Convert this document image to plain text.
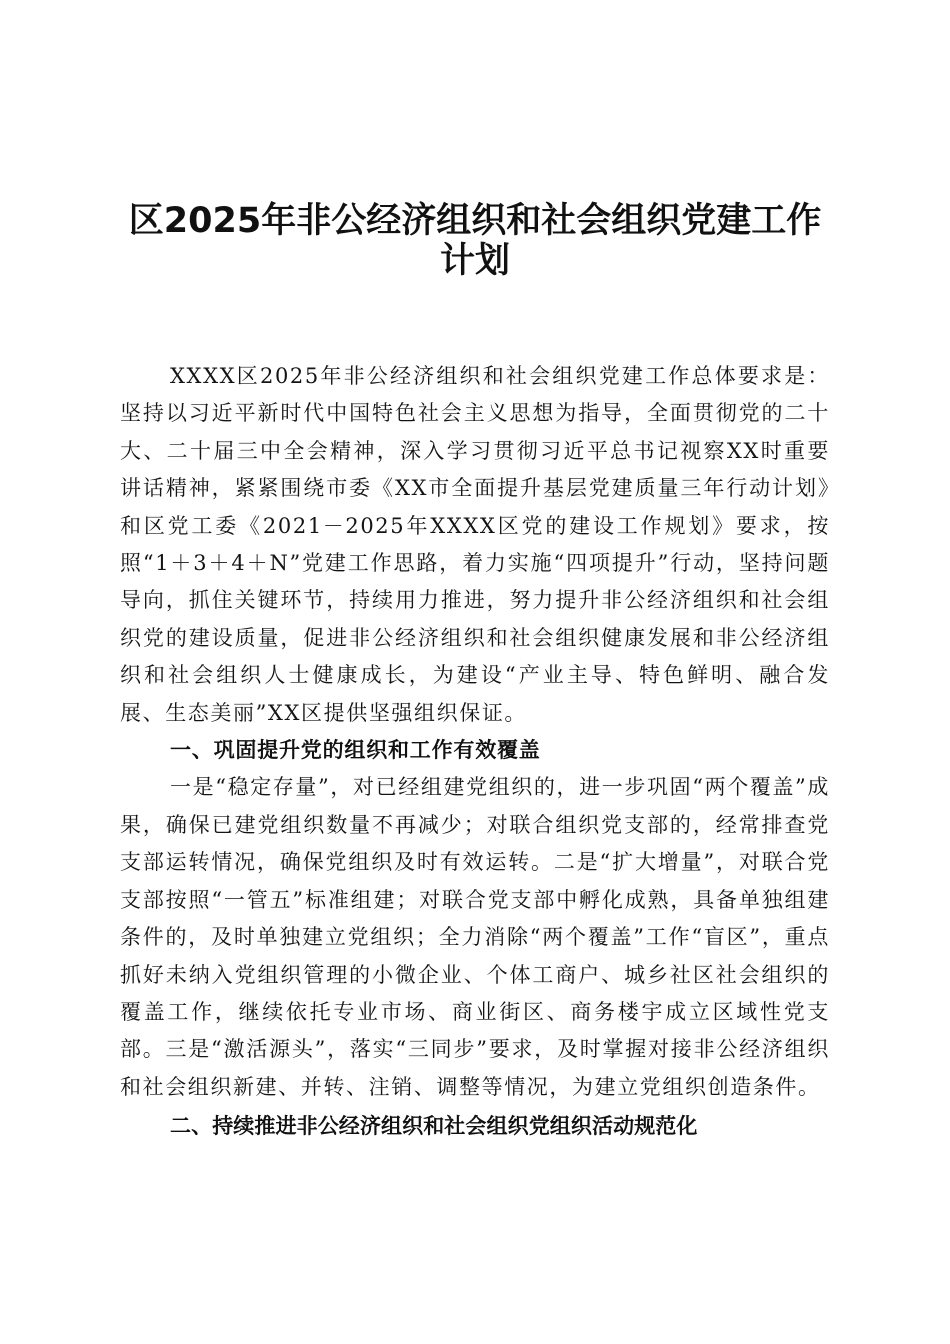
区2025年非公经济组织和社会组织党建工作
计划

XXXX区2025年非公经济组织和社会组织党建工作总体要求是：坚持以习近平新时代中国特色社会主义思想为指导，全面贯彻党的二十大、二十届三中全会精神，深入学习贯彻习近平总书记视察XX时重要讲话精神，紧紧围绕市委《XX市全面提升基层党建质量三年行动计划》和区党工委《2021－2025年XXXX区党的建设工作规划》要求，按照“1＋3＋4＋N”党建工作思路，着力实施“四项提升”行动，坚持问题导向，抓住关键环节，持续用力推进，努力提升非公经济组织和社会组织党的建设质量，促进非公经济组织和社会组织健康发展和非公经济组织和社会组织人士健康成长，为建设“产业主导、特色鲜明、融合发展、生态美丽”XX区提供坚强组织保证。

一、巩固提升党的组织和工作有效覆盖

一是“稳定存量”，对已经组建党组织的，进一步巩固“两个覆盖”成果，确保已建党组织数量不再减少；对联合组织党支部的，经常排查党支部运转情况，确保党组织及时有效运转。二是“扩大增量”，对联合党支部按照“一管五”标准组建；对联合党支部中孵化成熟，具备单独组建条件的，及时单独建立党组织；全力消除“两个覆盖”工作“盲区”，重点抓好未纳入党组织管理的小微企业、个体工商户、城乡社区社会组织的覆盖工作，继续依托专业市场、商业街区、商务楼宇成立区域性党支部。三是“激活源头”，落实“三同步”要求，及时掌握对接非公经济组织和社会组织新建、并转、注销、调整等情况，为建立党组织创造条件。

二、持续推进非公经济组织和社会组织党组织活动规范化
